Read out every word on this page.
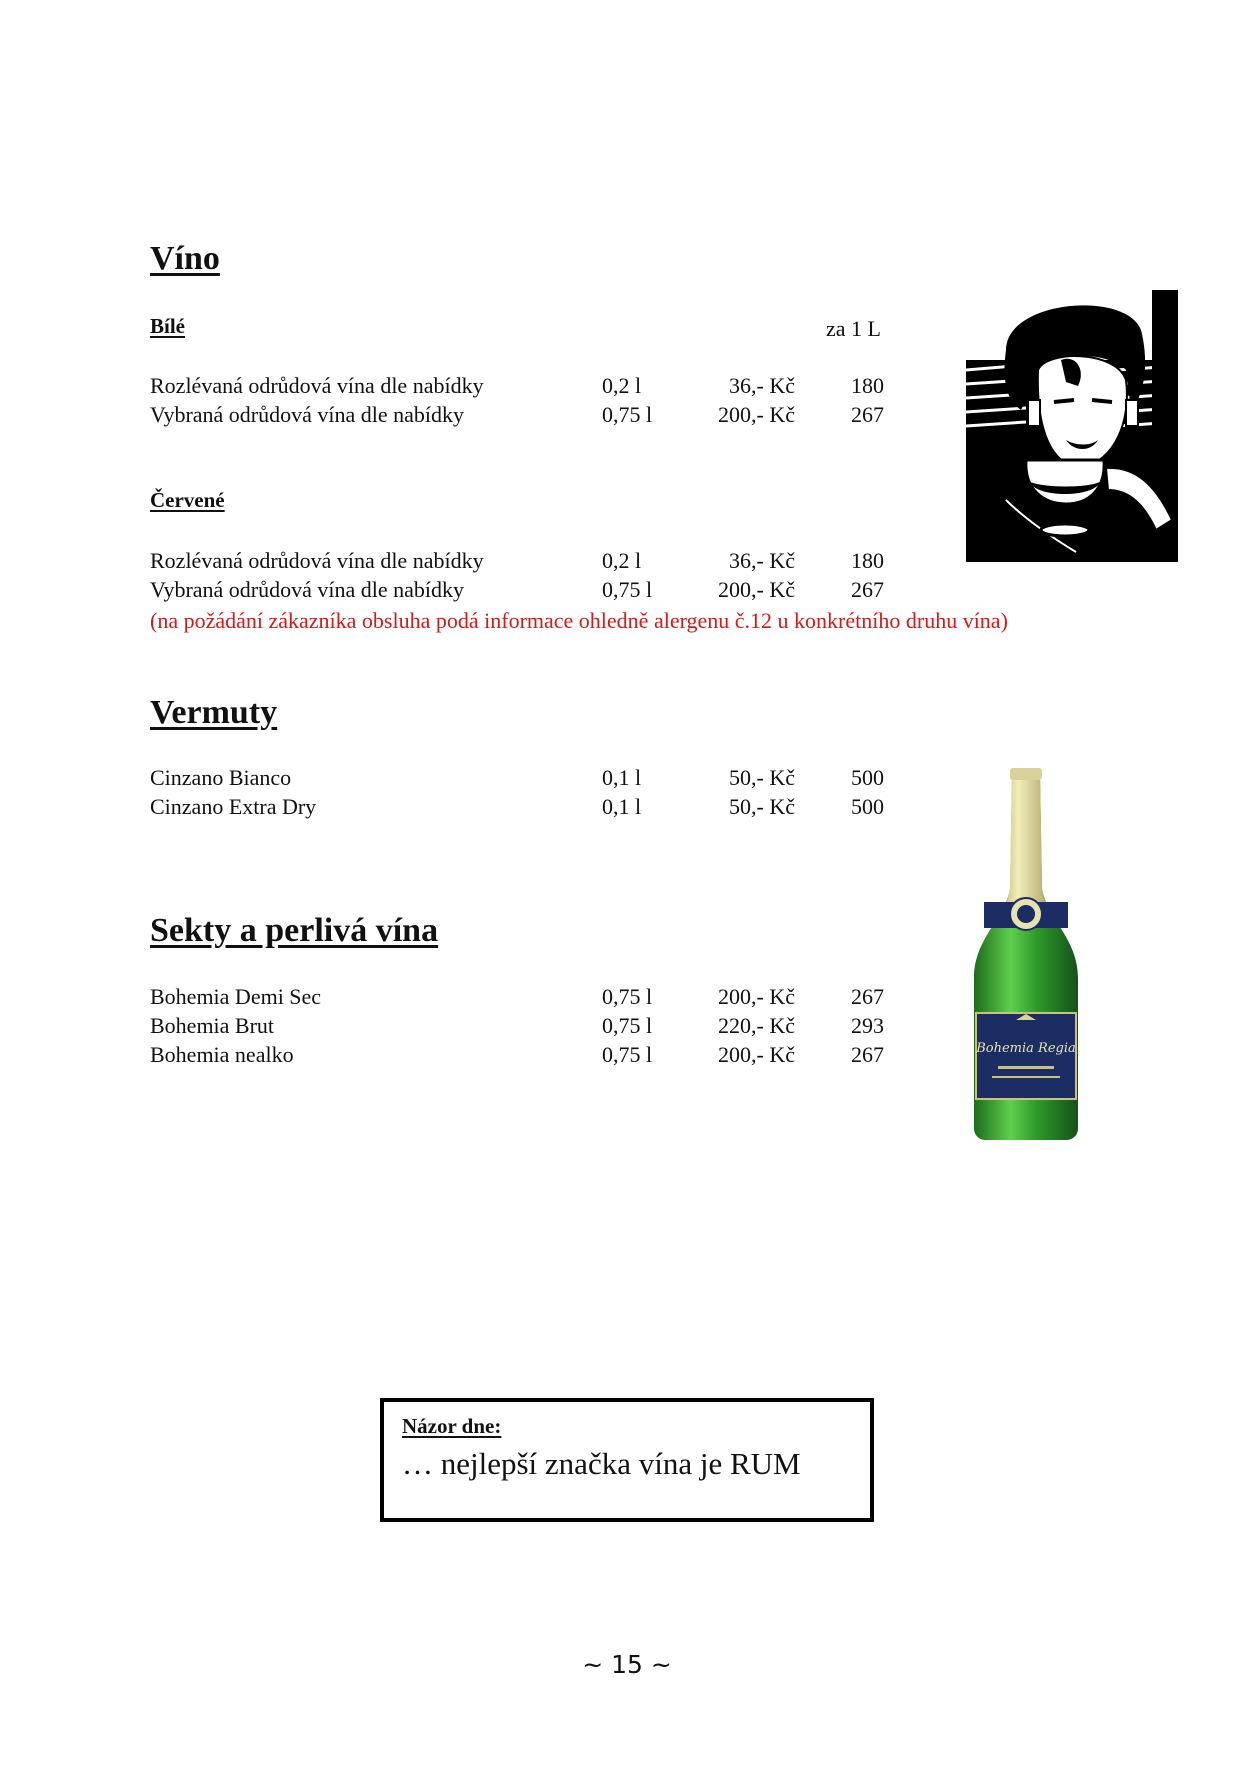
Víno
Bílé	za 1 L
Rozlévaná odrůdová vína dle nabídky	0,2 l	36,- Kč	180
Vybraná odrůdová vína dle nabídky	0,75 l	200,- Kč	267
Červené
Rozlévaná odrůdová vína dle nabídky	0,2 l	36,- Kč	180
Vybraná odrůdová vína dle nabídky	0,75 l	200,- Kč	267
(na požádání zákazníka obsluha podá informace ohledně alergenu č.12 u konkrétního druhu vína)
Vermuty
Cinzano Bianco	0,1 l	50,- Kč	500
Cinzano Extra Dry	0,1 l	50,- Kč	500
Bohemia Regia
Sekty a perlivá vína
Bohemia Demi Sec	0,75 l	200,- Kč	267
Bohemia Brut	0,75 l	220,- Kč	293
Bohemia nealko	0,75 l	200,- Kč	267
Názor dne:
… nejlepší značka vína je RUM
~ 15 ~
